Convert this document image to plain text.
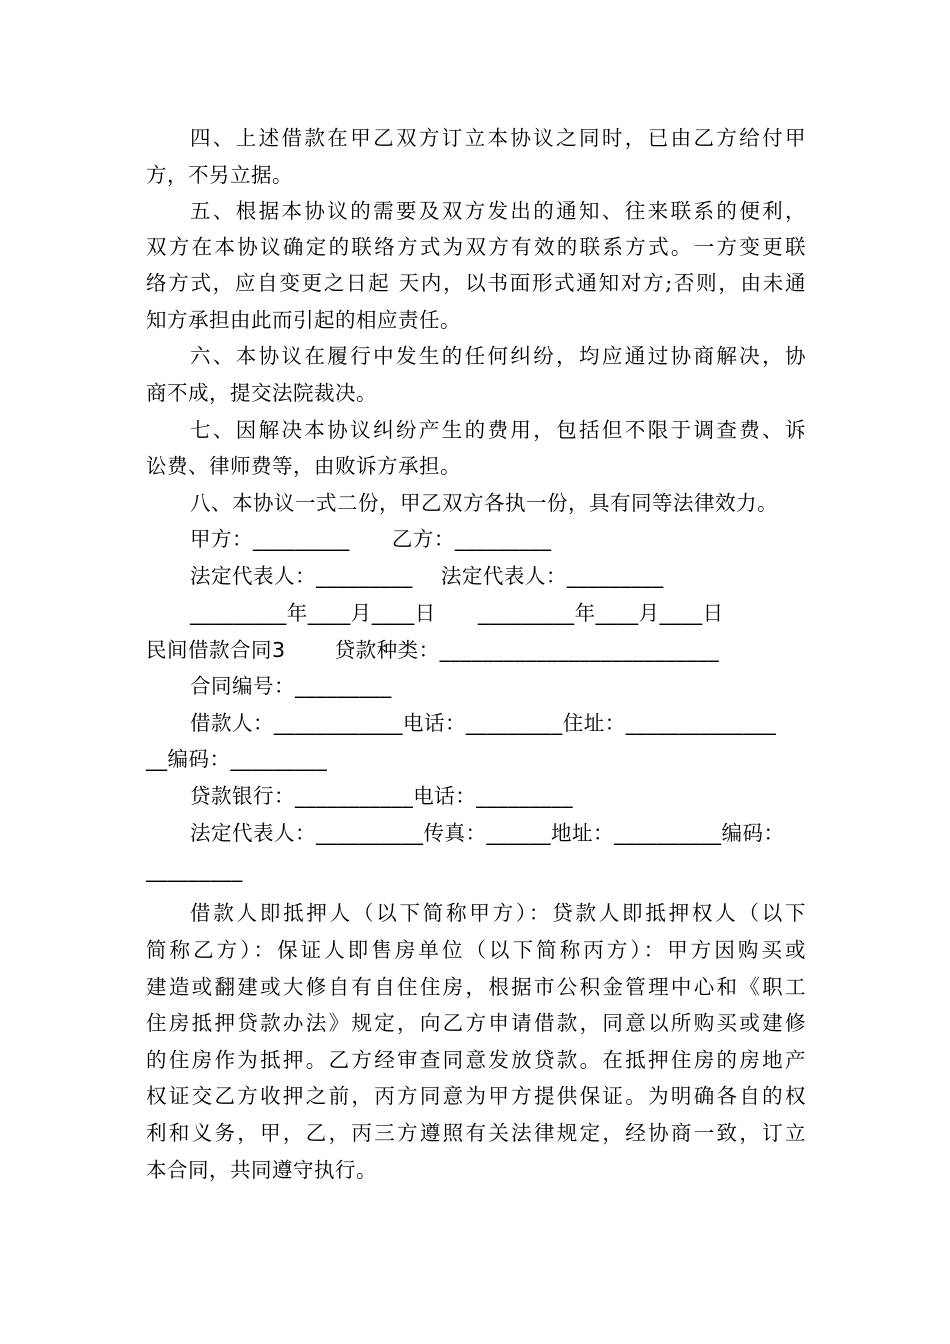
四、上述借款在甲乙双方订立本协议之同时，已由乙方给付甲
方，不另立据。
五、根据本协议的需要及双方发出的通知、往来联系的便利，
双方在本协议确定的联络方式为双方有效的联系方式。一方变更联
络方式，应自变更之日起 天内，以书面形式通知对方;否则，由未通
知方承担由此而引起的相应责任。
六、本协议在履行中发生的任何纠纷，均应通过协商解决，协
商不成，提交法院裁决。
七、因解决本协议纠纷产生的费用，包括但不限于调查费、诉
讼费、律师费等，由败诉方承担。
八、本协议一式二份，甲乙双方各执一份，具有同等法律效力。
甲方：_________      乙方：_________
法定代表人：_________    法定代表人：_________
_________年____月____日      _________年____月____日
民间借款合同3       贷款种类：__________________________
合同编号：_________
借款人：____________电话：_________住址：______________
__编码：_________
贷款银行：___________电话：_________
法定代表人：__________传真：______地址：__________编码：
_________
借款人即抵押人（以下简称甲方）：贷款人即抵押权人（以下
简称乙方）：保证人即售房单位（以下简称丙方）：甲方因购买或
建造或翻建或大修自有自住住房，根据市公积金管理中心和《职工
住房抵押贷款办法》规定，向乙方申请借款，同意以所购买或建修
的住房作为抵押。乙方经审查同意发放贷款。在抵押住房的房地产
权证交乙方收押之前，丙方同意为甲方提供保证。为明确各自的权
利和义务，甲，乙，丙三方遵照有关法律规定，经协商一致，订立
本合同，共同遵守执行。
